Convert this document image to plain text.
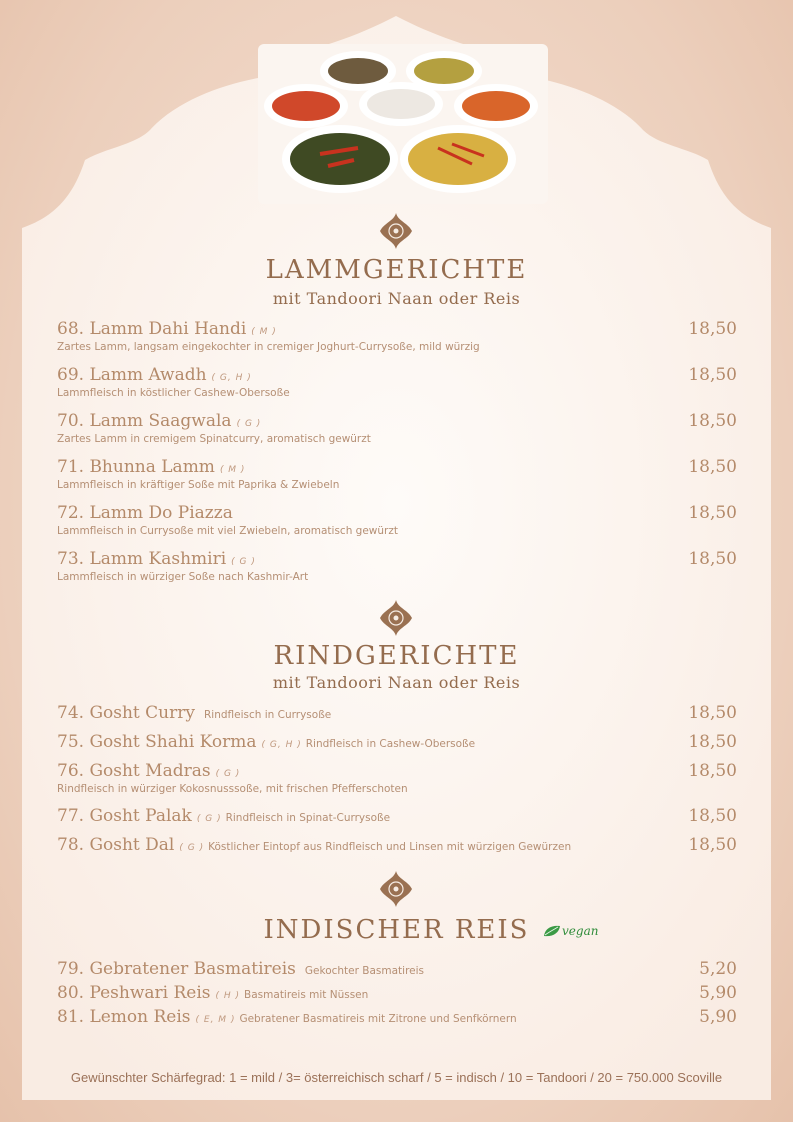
LAMMGERICHTE
mit Tandoori Naan oder Reis
68. Lamm Dahi Handi ( M )	18,50
Zartes Lamm, langsam eingekochter in cremiger Joghurt-Currysoße, mild würzig
69. Lamm Awadh ( G, H )	18,50
Lammfleisch in köstlicher Cashew-Obersoße
70. Lamm Saagwala ( G )	18,50
Zartes Lamm in cremigem Spinatcurry, aromatisch gewürzt
71. Bhunna Lamm ( M )	18,50
Lammfleisch in kräftiger Soße mit Paprika & Zwiebeln
72. Lamm Do Piazza	18,50
Lammfleisch in Currysoße mit viel Zwiebeln, aromatisch gewürzt
73. Lamm Kashmiri ( G )	18,50
Lammfleisch in würziger Soße nach Kashmir-Art
RINDGERICHTE
mit Tandoori Naan oder Reis
74. Gosht Curry Rindfleisch in Currysoße	18,50
75. Gosht Shahi Korma ( G, H ) Rindfleisch in Cashew-Obersoße	18,50
76. Gosht Madras ( G )	18,50
Rindfleisch in würziger Kokosnusssoße, mit frischen Pfefferschoten
77. Gosht Palak ( G ) Rindfleisch in Spinat-Currysoße	18,50
78. Gosht Dal ( G ) Köstlicher Eintopf aus Rindfleisch und Linsen mit würzigen Gewürzen	18,50
INDISCHER REIS	vegan
79. Gebratener Basmatireis Gekochter Basmatireis	5,20
80. Peshwari Reis ( H ) Basmatireis mit Nüssen	5,90
81. Lemon Reis ( E, M ) Gebratener Basmatireis mit Zitrone und Senfkörnern	5,90
Gewünschter Schärfegrad: 1 = mild / 3= österreichisch scharf / 5 = indisch / 10 = Tandoori / 20 = 750.000 Scoville
